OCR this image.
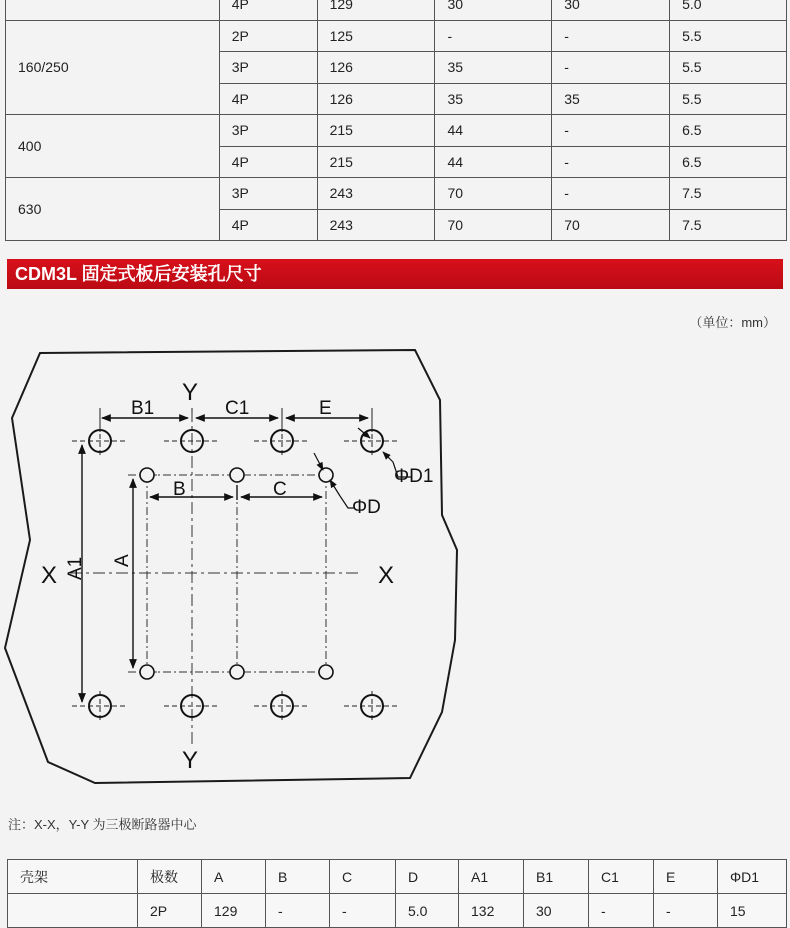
	4P	129	30	30	5.0
160/250	2P	125	-	-	5.5
	3P	126	35	-	5.5
	4P	126	35	35	5.5
400	3P	215	44	-	6.5
	4P	215	44	-	6.5
630	3P	243	70	-	7.5
	4P	243	70	70	7.5
CDM3L 固定式板后安装孔尺寸
（单位：mm）
B1
Y
C1	E
ΦD1
B	C
ΦD
X	X
Y
A1 A
注：X-X，Y-Y 为三极断路器中心
壳架	极数	A	B	C	D	A1	B1	C1	E	ΦD1
	2P	129	-	-	5.0	132	30	-	-	15
